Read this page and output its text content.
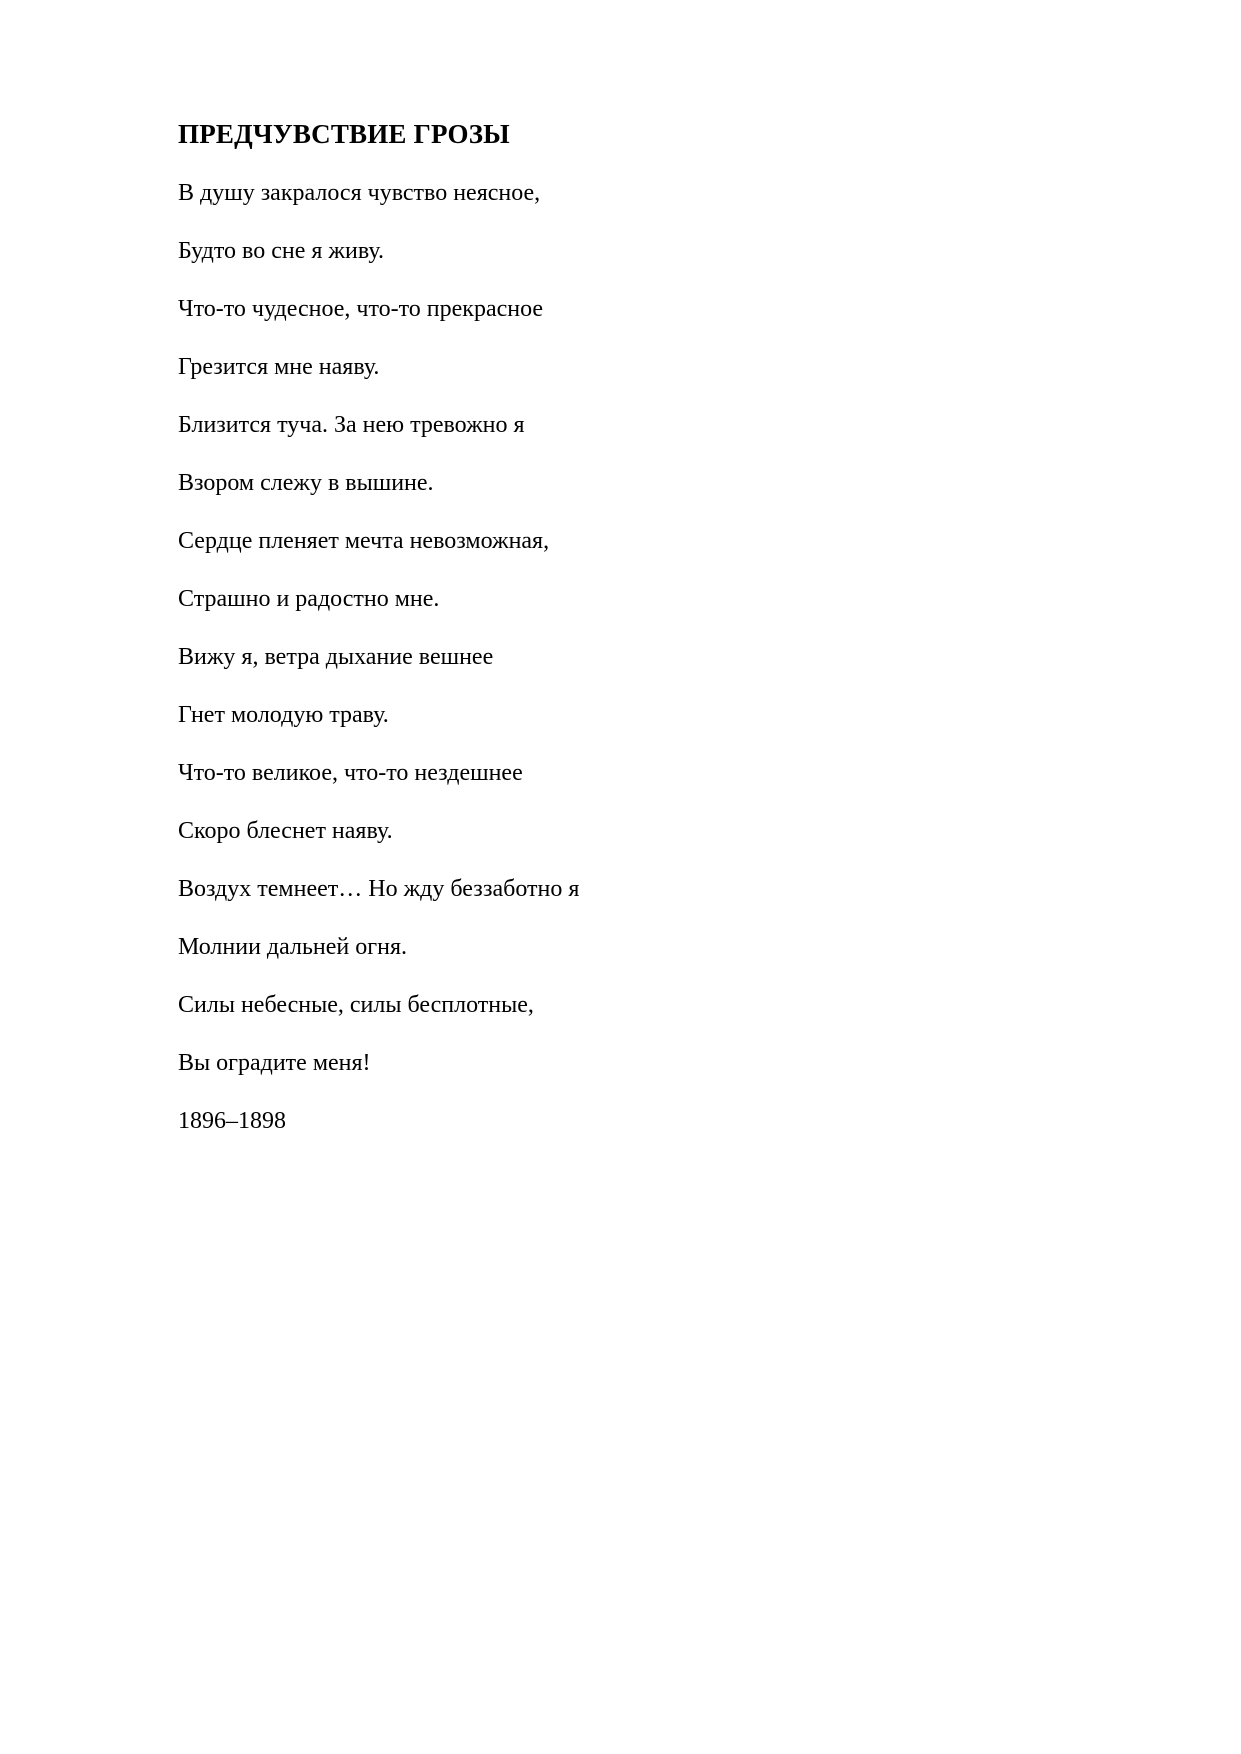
ПРЕДЧУВСТВИЕ ГРОЗЫ
В душу закралося чувство неясное,
Будто во сне я живу.
Что-то чудесное, что-то прекрасное
Грезится мне наяву.
Близится туча. За нею тревожно я
Взором слежу в вышине.
Сердце пленяет мечта невозможная,
Страшно и радостно мне.
Вижу я, ветра дыхание вешнее
Гнет молодую траву.
Что-то великое, что-то нездешнее
Скоро блеснет наяву.
Воздух темнеет… Но жду беззаботно я
Молнии дальней огня.
Силы небесные, силы бесплотные,
Вы оградите меня!
1896–1898
